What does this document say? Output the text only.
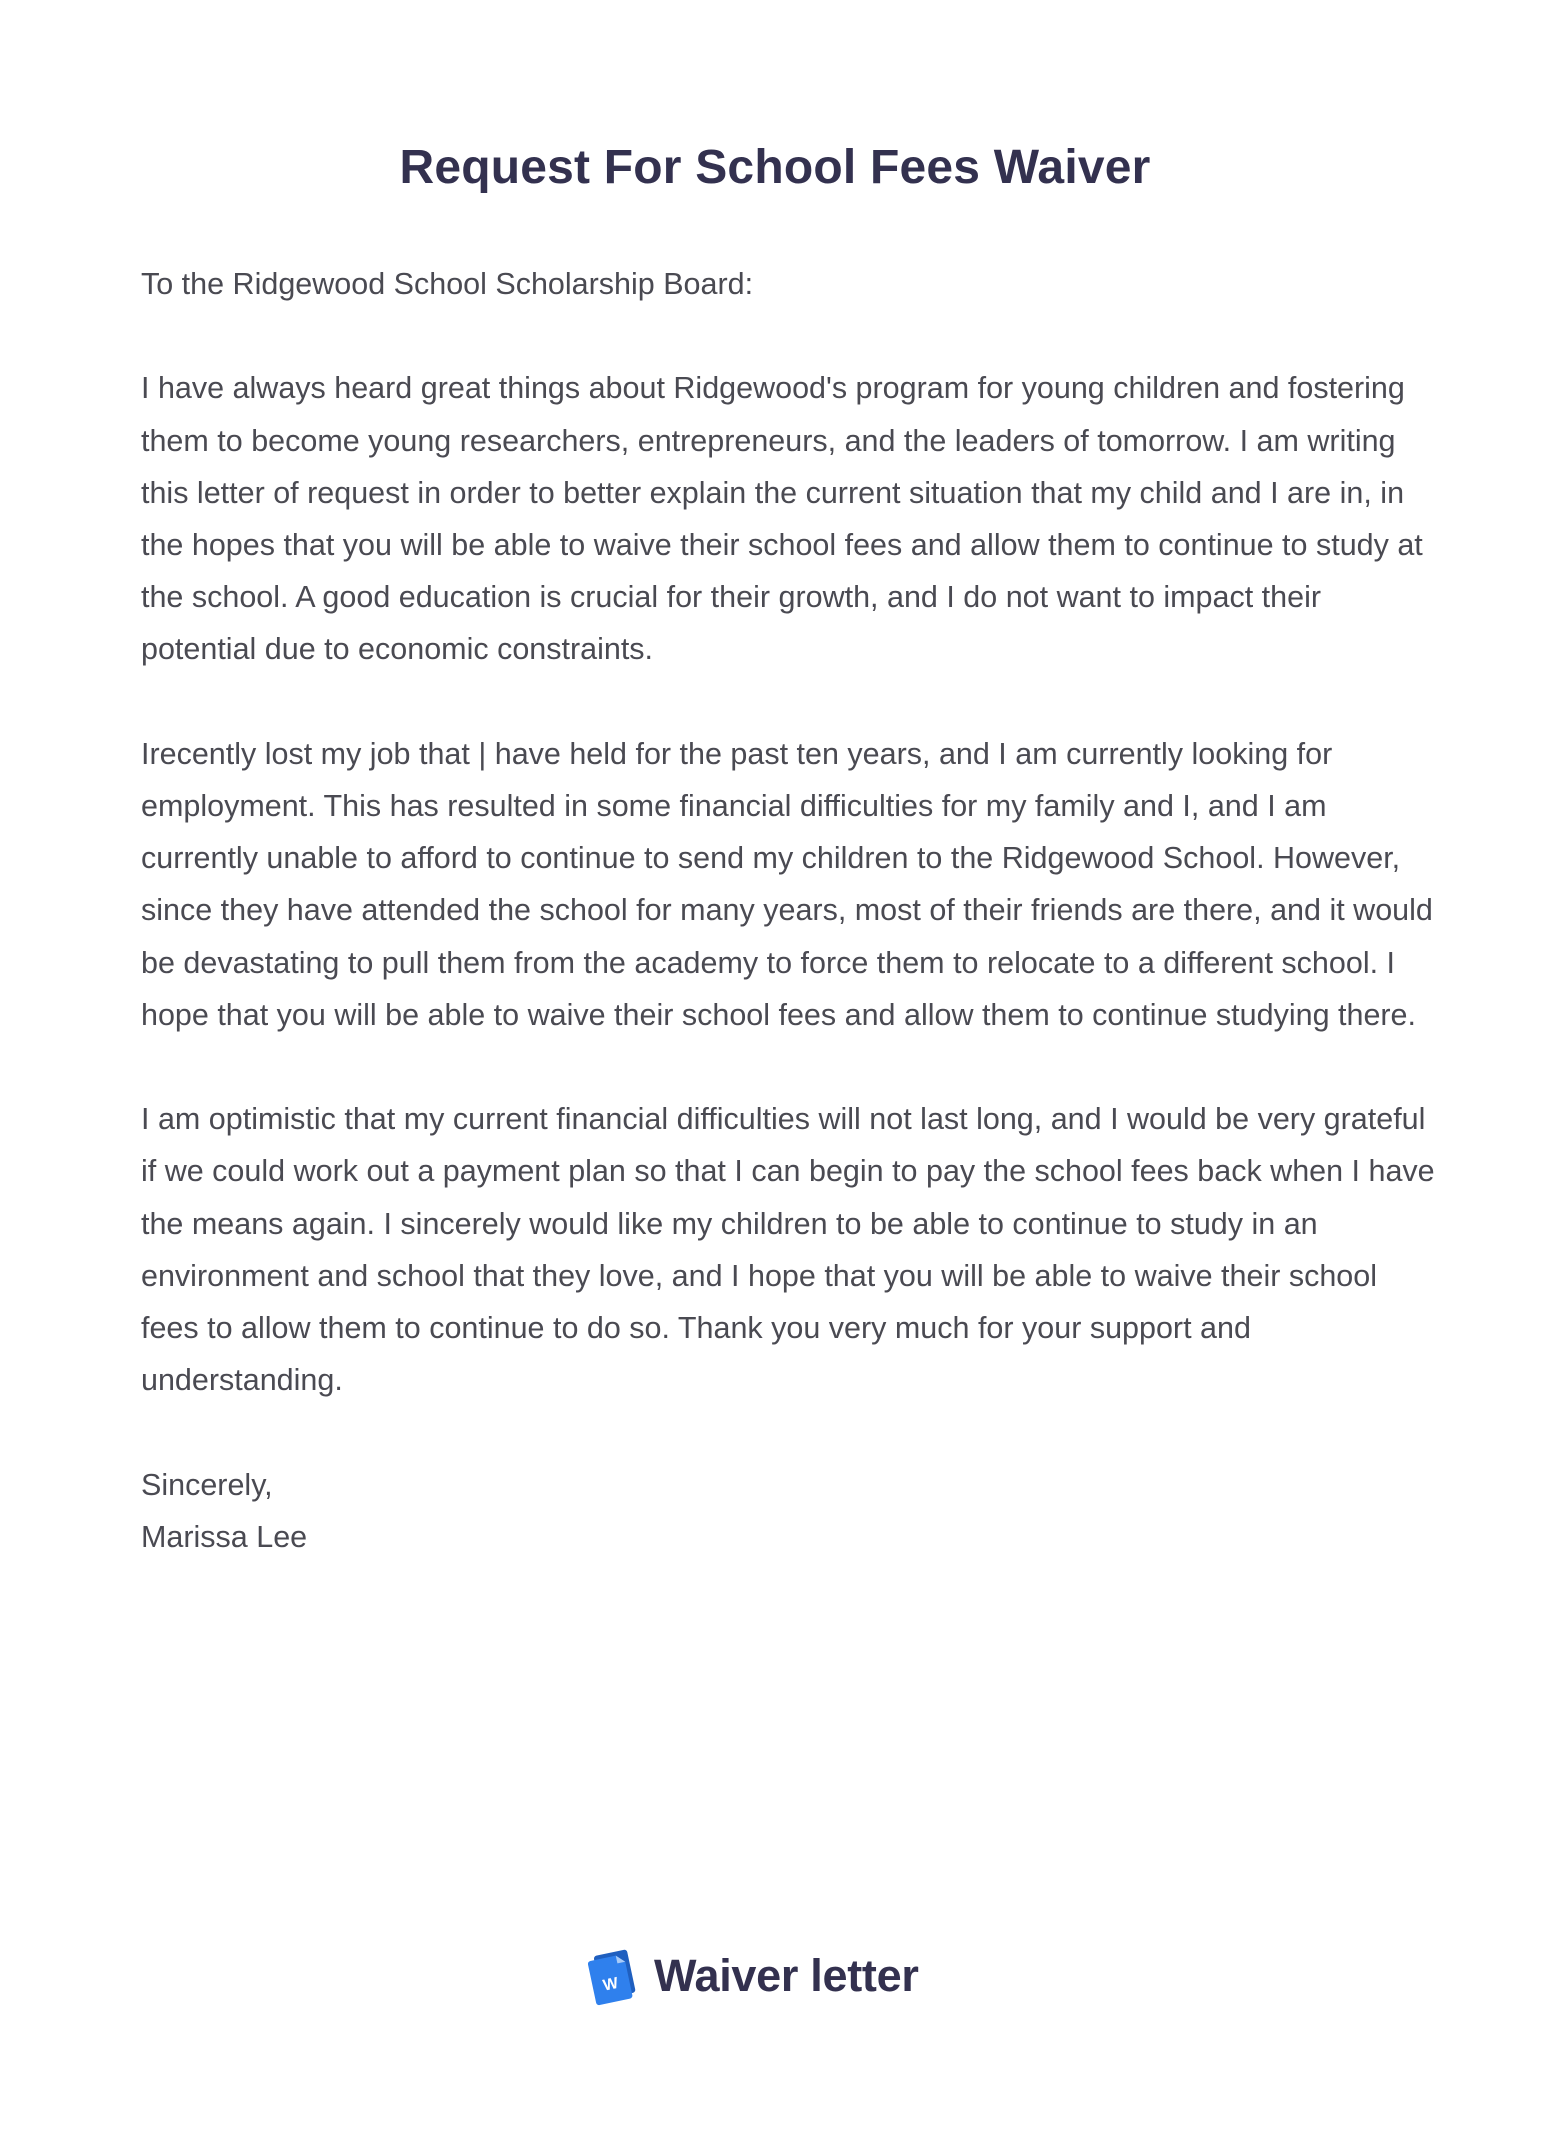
Request For School Fees Waiver

To the Ridgewood School Scholarship Board:

I have always heard great things about Ridgewood's program for young children and fostering them to become young researchers, entrepreneurs, and the leaders of tomorrow. I am writing this letter of request in order to better explain the current situation that my child and I are in, in the hopes that you will be able to waive their school fees and allow them to continue to study at the school. A good education is crucial for their growth, and I do not want to impact their potential due to economic constraints.

Irecently lost my job that | have held for the past ten years, and I am currently looking for employment. This has resulted in some financial difficulties for my family and I, and I am currently unable to afford to continue to send my children to the Ridgewood School. However, since they have attended the school for many years, most of their friends are there, and it would be devastating to pull them from the academy to force them to relocate to a different school. I hope that you will be able to waive their school fees and allow them to continue studying there.

I am optimistic that my current financial difficulties will not last long, and I would be very grateful if we could work out a payment plan so that I can begin to pay the school fees back when I have the means again. I sincerely would like my children to be able to continue to study in an environment and school that they love, and I hope that you will be able to waive their school fees to allow them to continue to do so. Thank you very much for your support and understanding.

Sincerely,

Marissa Lee

W Waiver letter
